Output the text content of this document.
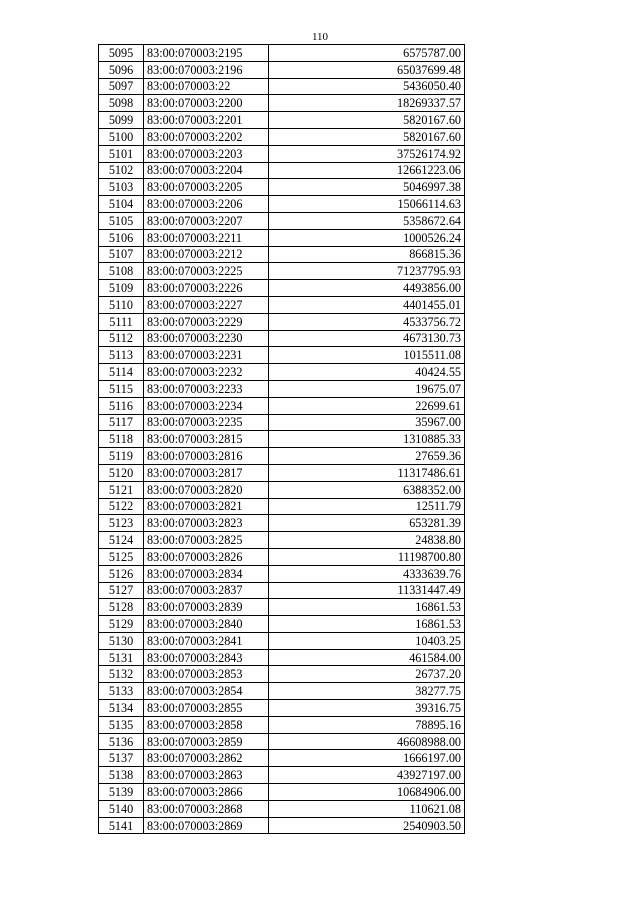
110
5095	83:00:070003:2195	6575787.00
5096	83:00:070003:2196	65037699.48
5097	83:00:070003:22	5436050.40
5098	83:00:070003:2200	18269337.57
5099	83:00:070003:2201	5820167.60
5100	83:00:070003:2202	5820167.60
5101	83:00:070003:2203	37526174.92
5102	83:00:070003:2204	12661223.06
5103	83:00:070003:2205	5046997.38
5104	83:00:070003:2206	15066114.63
5105	83:00:070003:2207	5358672.64
5106	83:00:070003:2211	1000526.24
5107	83:00:070003:2212	866815.36
5108	83:00:070003:2225	71237795.93
5109	83:00:070003:2226	4493856.00
5110	83:00:070003:2227	4401455.01
5111	83:00:070003:2229	4533756.72
5112	83:00:070003:2230	4673130.73
5113	83:00:070003:2231	1015511.08
5114	83:00:070003:2232	40424.55
5115	83:00:070003:2233	19675.07
5116	83:00:070003:2234	22699.61
5117	83:00:070003:2235	35967.00
5118	83:00:070003:2815	1310885.33
5119	83:00:070003:2816	27659.36
5120	83:00:070003:2817	11317486.61
5121	83:00:070003:2820	6388352.00
5122	83:00:070003:2821	12511.79
5123	83:00:070003:2823	653281.39
5124	83:00:070003:2825	24838.80
5125	83:00:070003:2826	11198700.80
5126	83:00:070003:2834	4333639.76
5127	83:00:070003:2837	11331447.49
5128	83:00:070003:2839	16861.53
5129	83:00:070003:2840	16861.53
5130	83:00:070003:2841	10403.25
5131	83:00:070003:2843	461584.00
5132	83:00:070003:2853	26737.20
5133	83:00:070003:2854	38277.75
5134	83:00:070003:2855	39316.75
5135	83:00:070003:2858	78895.16
5136	83:00:070003:2859	46608988.00
5137	83:00:070003:2862	1666197.00
5138	83:00:070003:2863	43927197.00
5139	83:00:070003:2866	10684906.00
5140	83:00:070003:2868	110621.08
5141	83:00:070003:2869	2540903.50
